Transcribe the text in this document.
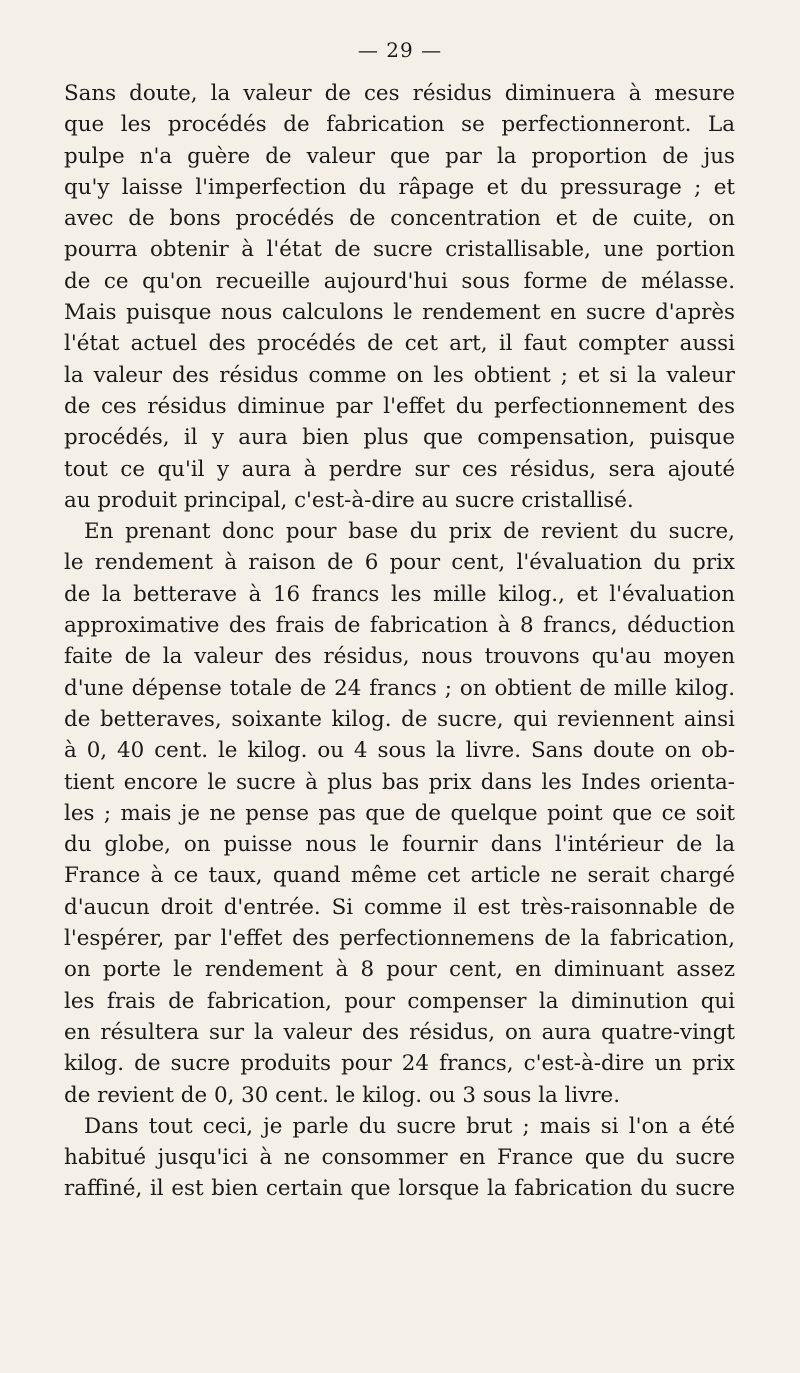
— 29 —
Sans doute, la valeur de ces résidus diminuera à mesure
que les procédés de fabrication se perfectionneront. La
pulpe n'a guère de valeur que par la proportion de jus
qu'y laisse l'imperfection du râpage et du pressurage ; et
avec de bons procédés de concentration et de cuite, on
pourra obtenir à l'état de sucre cristallisable, une portion
de ce qu'on recueille aujourd'hui sous forme de mélasse.
Mais puisque nous calculons le rendement en sucre d'après
l'état actuel des procédés de cet art, il faut compter aussi
la valeur des résidus comme on les obtient ; et si la valeur
de ces résidus diminue par l'effet du perfectionnement des
procédés, il y aura bien plus que compensation, puisque
tout ce qu'il y aura à perdre sur ces résidus, sera ajouté
au produit principal, c'est-à-dire au sucre cristallisé.
En prenant donc pour base du prix de revient du sucre,
le rendement à raison de 6 pour cent, l'évaluation du prix
de la betterave à 16 francs les mille kilog., et l'évaluation
approximative des frais de fabrication à 8 francs, déduction
faite de la valeur des résidus, nous trouvons qu'au moyen
d'une dépense totale de 24 francs ; on obtient de mille kilog.
de betteraves, soixante kilog. de sucre, qui reviennent ainsi
à 0, 40 cent. le kilog. ou 4 sous la livre. Sans doute on ob-
tient encore le sucre à plus bas prix dans les Indes orienta-
les ; mais je ne pense pas que de quelque point que ce soit
du globe, on puisse nous le fournir dans l'intérieur de la
France à ce taux, quand même cet article ne serait chargé
d'aucun droit d'entrée. Si comme il est très-raisonnable de
l'espérer, par l'effet des perfectionnemens de la fabrication,
on porte le rendement à 8 pour cent, en diminuant assez
les frais de fabrication, pour compenser la diminution qui
en résultera sur la valeur des résidus, on aura quatre-vingt
kilog. de sucre produits pour 24 francs, c'est-à-dire un prix
de revient de 0, 30 cent. le kilog. ou 3 sous la livre.
Dans tout ceci, je parle du sucre brut ; mais si l'on a été
habitué jusqu'ici à ne consommer en France que du sucre
raffiné, il est bien certain que lorsque la fabrication du sucre
